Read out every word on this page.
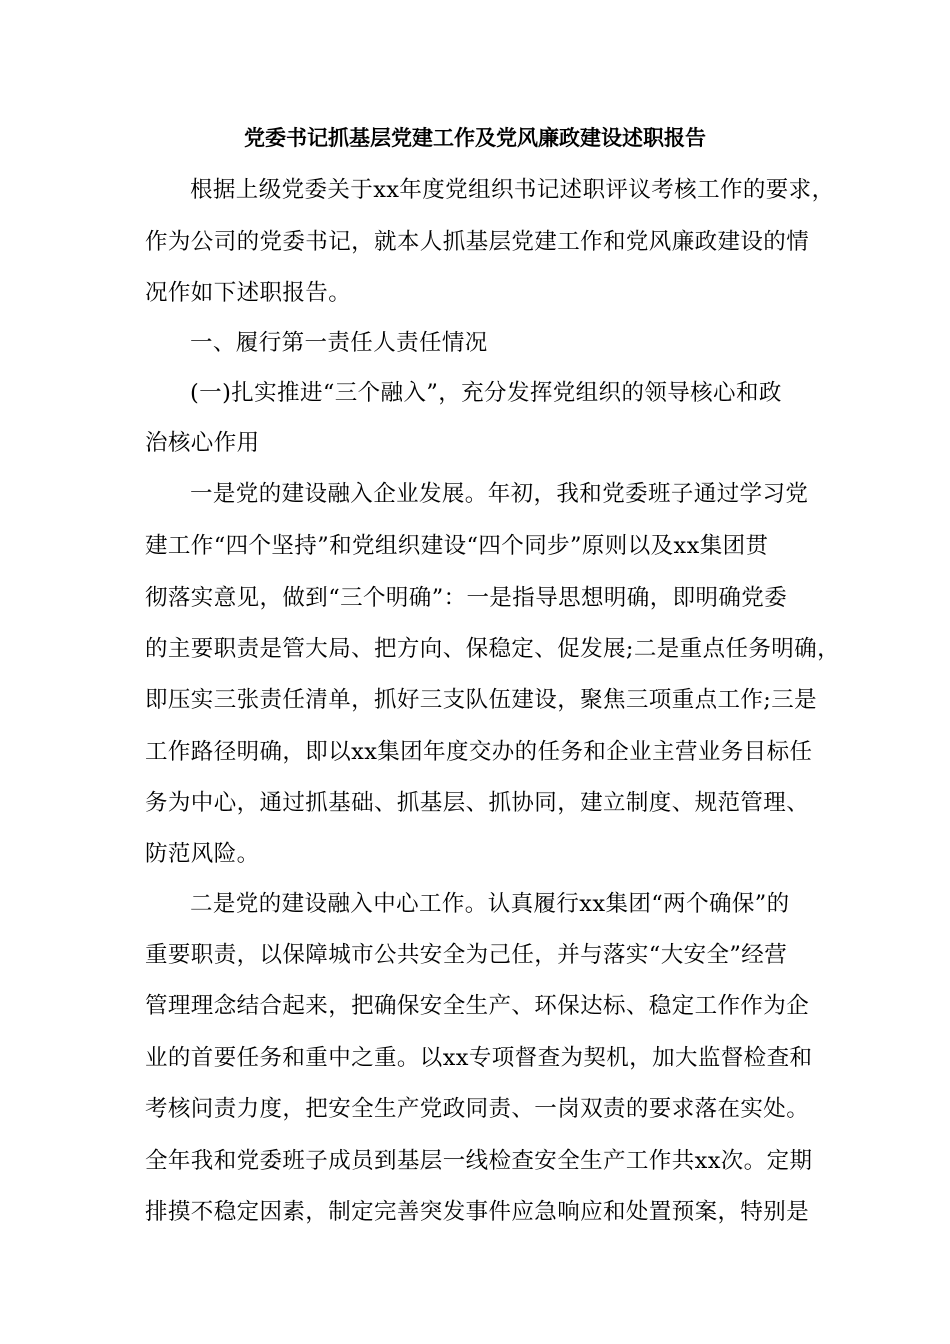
党委书记抓基层党建工作及党风廉政建设述职报告
根据上级党委关于xx年度党组织书记述职评议考核工作的要求，
作为公司的党委书记，就本人抓基层党建工作和党风廉政建设的情
况作如下述职报告。
一、履行第一责任人责任情况
(一)扎实推进“三个融入”，充分发挥党组织的领导核心和政
治核心作用
一是党的建设融入企业发展。年初，我和党委班子通过学习党
建工作“四个坚持”和党组织建设“四个同步”原则以及xx集团贯
彻落实意见，做到“三个明确”：一是指导思想明确，即明确党委
的主要职责是管大局、把方向、保稳定、促发展;二是重点任务明确，
即压实三张责任清单，抓好三支队伍建设，聚焦三项重点工作;三是
工作路径明确，即以xx集团年度交办的任务和企业主营业务目标任
务为中心，通过抓基础、抓基层、抓协同，建立制度、规范管理、
防范风险。
二是党的建设融入中心工作。认真履行xx集团“两个确保”的
重要职责，以保障城市公共安全为己任，并与落实“大安全”经营
管理理念结合起来，把确保安全生产、环保达标、稳定工作作为企
业的首要任务和重中之重。以xx专项督查为契机，加大监督检查和
考核问责力度，把安全生产党政同责、一岗双责的要求落在实处。
全年我和党委班子成员到基层一线检查安全生产工作共xx次。定期
排摸不稳定因素，制定完善突发事件应急响应和处置预案，特别是
